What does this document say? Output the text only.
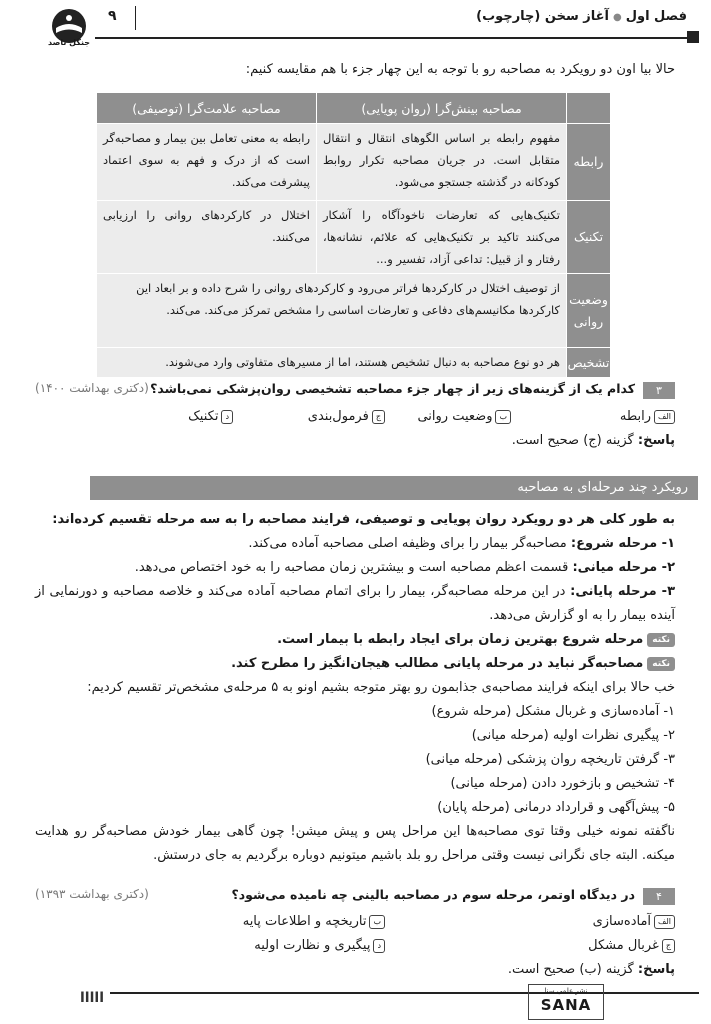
فصل اول●آغاز سخن (چارچوب)
۹
جنگل ناصد
حالا بیا اون دو رویکرد به مصاحبه رو با توجه به این چهار جزء با هم مقایسه کنیم:
	مصاحبه بینش‌گرا (روان پویایی)	مصاحبه علامت‌گرا (توصیفی)
رابطه	مفهوم رابطه بر اساس الگوهای انتقال و انتقال متقابل است. در جریان مصاحبه تکرار روابط کودکانه در گذشته جستجو می‌شود.	رابطه به معنی تعامل بین بیمار و مصاحبه‌گر است که از درک و فهم به سوی اعتماد پیشرفت می‌کند.
تکنیک	تکنیک‌هایی که تعارضات ناخودآگاه را آشکار می‌کنند تاکید بر تکنیک‌هایی که علائم، نشانه‌ها، رفتار و از قبیل: تداعی آزاد، تفسیر و...	اختلال در کارکردهای روانی را ارزیابی می‌کنند.
وضعیت روانی	از توصیف اختلال در کارکردها فراتر می‌رود و کارکردهای روانی را شرح داده و بر ابعاد این کارکردها مکانیسم‌های دفاعی و تعارضات اساسی را مشخص تمرکز می‌کند. می‌کند.	
تشخیص	هر دو نوع مصاحبه به دنبال تشخیص هستند، اما از مسیرهای متفاوتی وارد می‌شوند.	
۳
کدام یک از گزینه‌های زیر از چهار جزء مصاحبه تشخیصی روان‌پزشکی نمی‌باشد؟
(دکتری بهداشت ۱۴۰۰)
الفرابطه
بوضعیت روانی
جفرمول‌بندی
دتکنیک
پاسخ: گزینه (ج) صحیح است.
رویکرد چند مرحله‌ای به مصاحبه

به طور کلی هر دو رویکرد روان پویایی و توصیفی، فرایند مصاحبه را به سه مرحله تقسیم کرده‌اند:

۱- مرحله شروع: مصاحبه‌گر بیمار را برای وظیفه اصلی مصاحبه آماده می‌کند.

۲- مرحله میانی: قسمت اعظم مصاحبه است و بیشترین زمان مصاحبه را به خود اختصاص می‌دهد.

۳- مرحله پایانی: در این مرحله مصاحبه‌گر، بیمار را برای اتمام مصاحبه آماده می‌کند و خلاصه مصاحبه و دورنمایی از آینده بیمار را به او گزارش می‌دهد.

نکتهمرحله شروع بهترین زمان برای ایجاد رابطه با بیمار است.

نکتهمصاحبه‌گر نباید در مرحله پایانی مطالب هیجان‌انگیز را مطرح کند.

خب حالا برای اینکه فرایند مصاحبه‌ی جذابمون رو بهتر متوجه بشیم اونو به ۵ مرحله‌ی مشخص‌تر تقسیم کردیم:

۱- آماده‌سازی و غربال مشکل (مرحله شروع)

۲- پیگیری نظرات اولیه (مرحله میانی)

۳- گرفتن تاریخچه روان پزشکی (مرحله میانی)

۴- تشخیص و بازخورد دادن (مرحله میانی)

۵- پیش‌آگهی و قرارداد درمانی (مرحله پایان)

ناگفته نمونه خیلی وقتا توی مصاحبه‌ها این مراحل پس و پیش میشن! چون گاهی بیمار خودش مصاحبه‌گر رو هدایت میکنه. البته جای نگرانی نیست وقتی مراحل رو بلد باشیم میتونیم دوباره برگردیم به جای درستش.

۴
در دیدگاه اوتمر، مرحله سوم در مصاحبه بالینی چه نامیده می‌شود؟
(دکتری بهداشت ۱۳۹۳)
الفآماده‌سازی
بتاریخچه و اطلاعات پایه
جغربال مشکل
دپیگیری و نظارت اولیه
پاسخ: گزینه (ب) صحیح است.
ااااا	نشر علمی سنا
SANA
